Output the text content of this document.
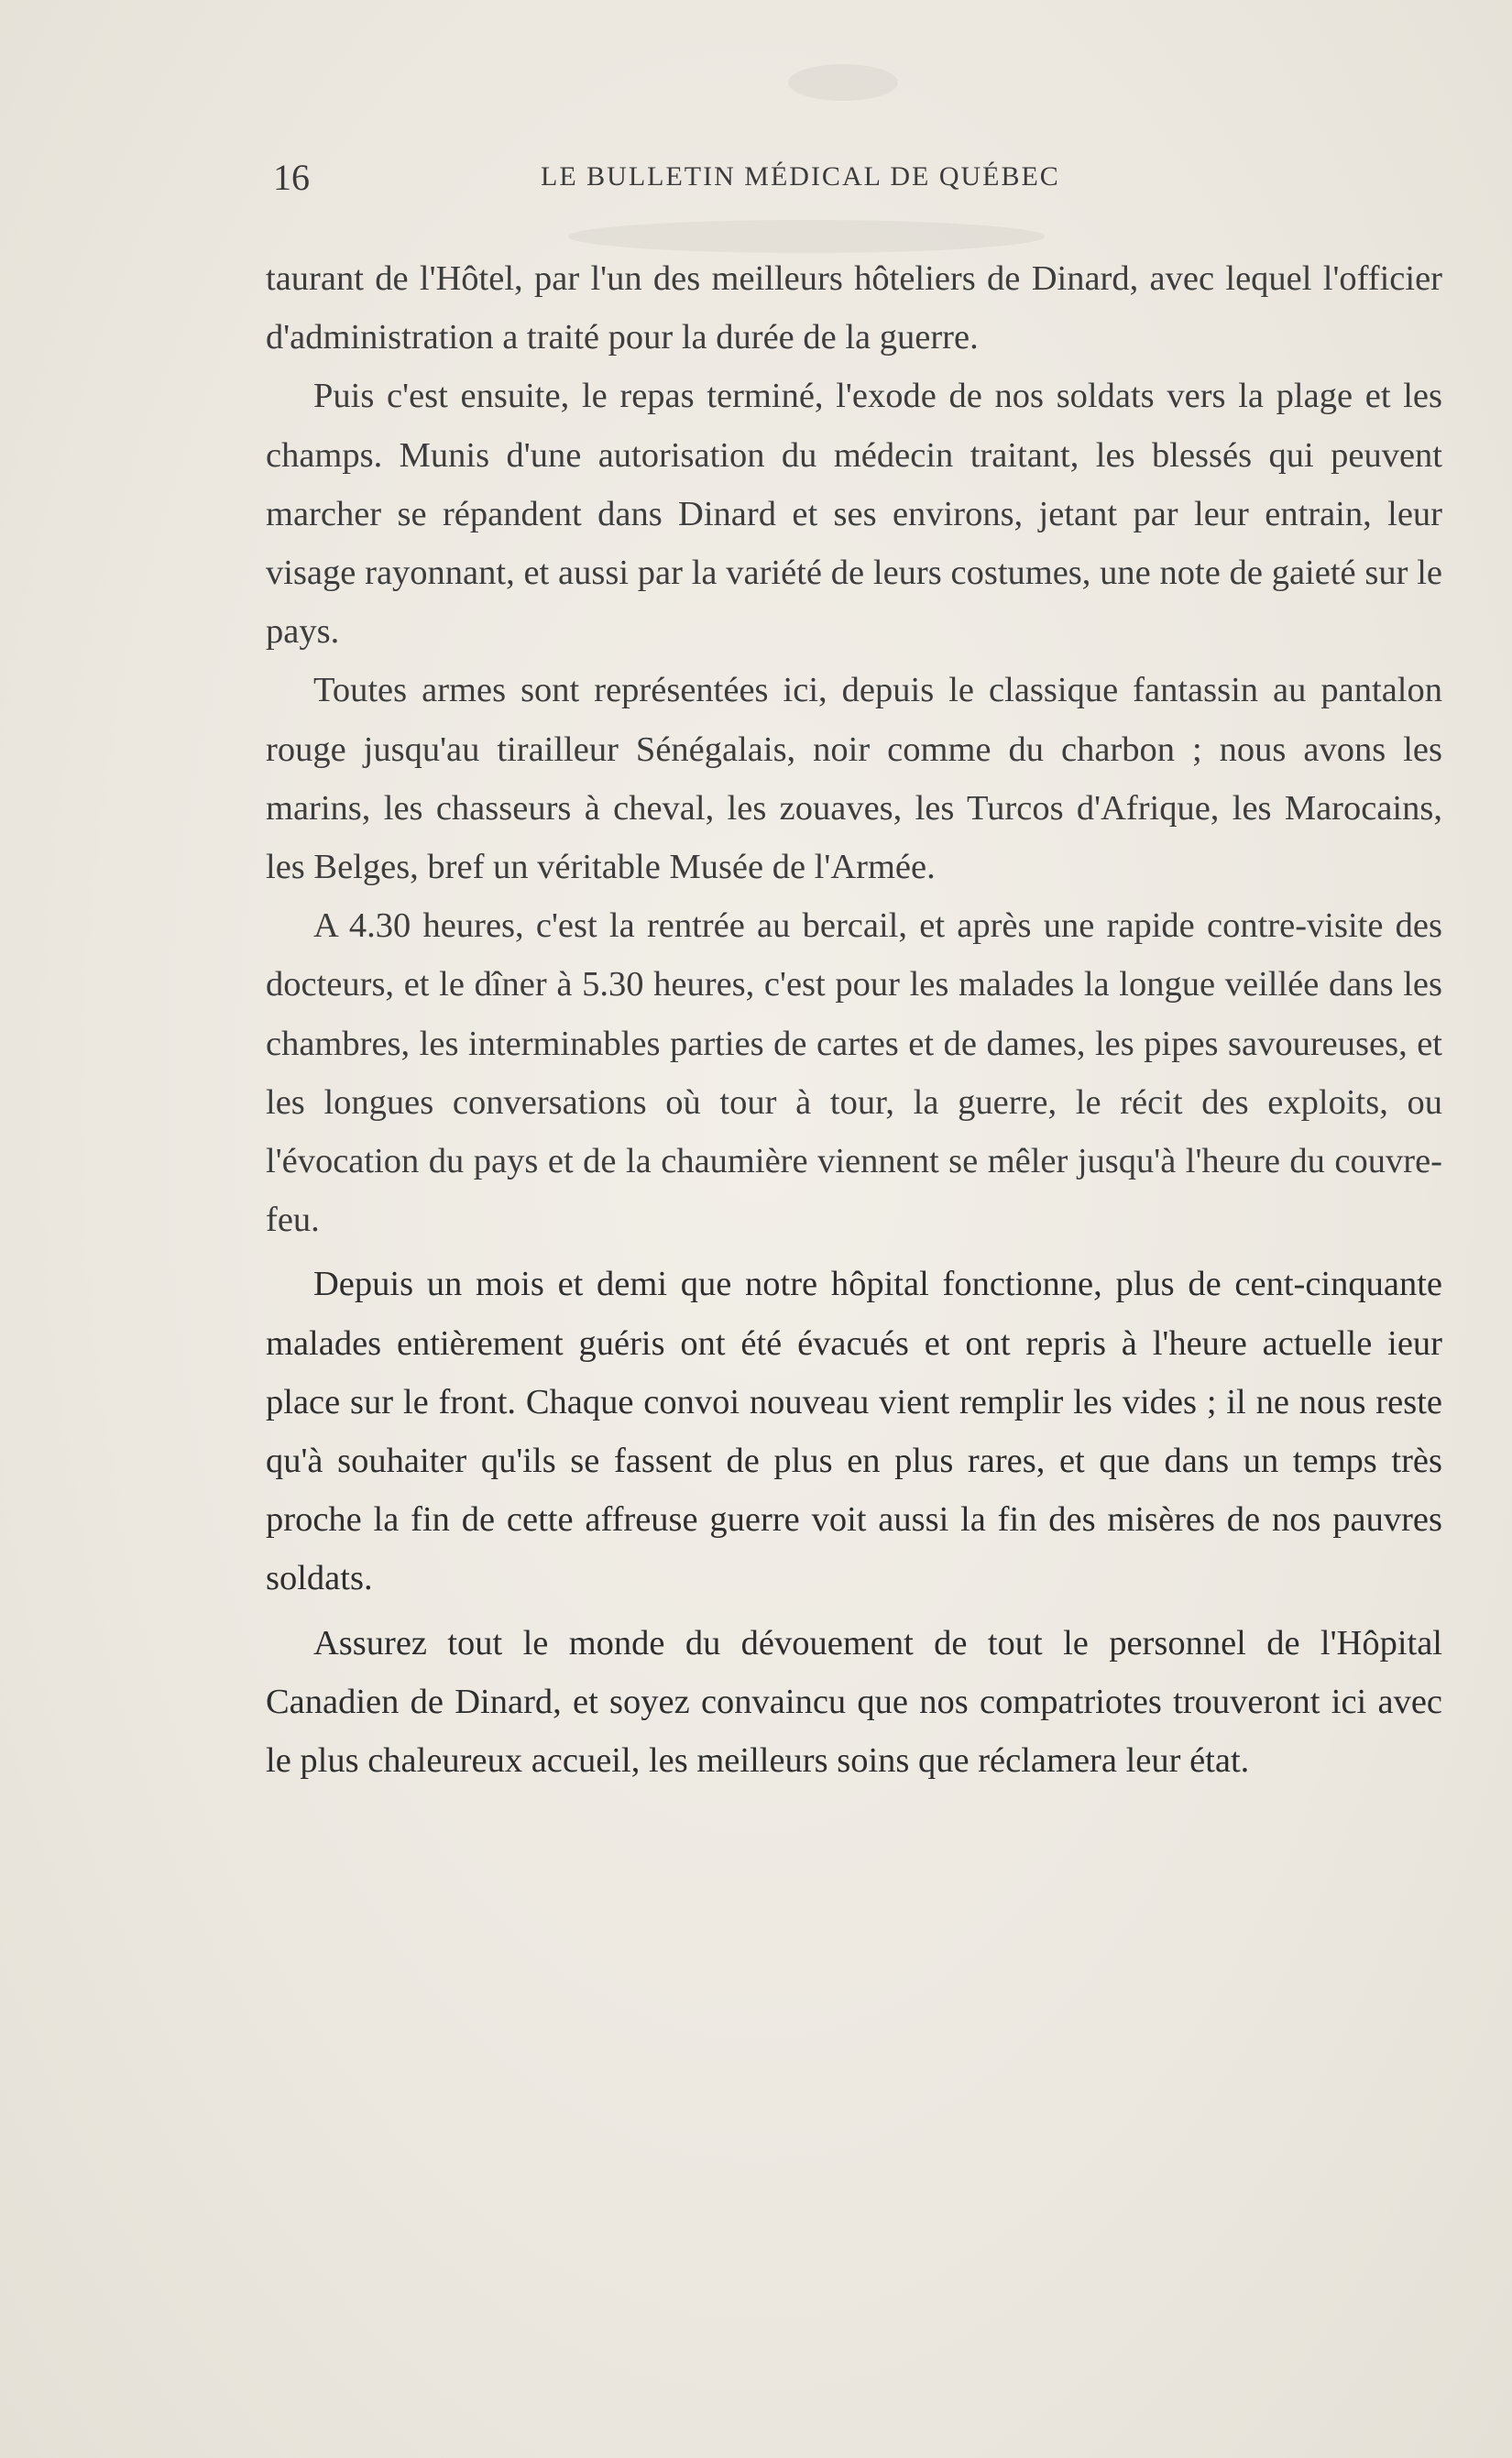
16	LE BULLETIN MÉDICAL DE QUÉBEC

taurant de l'Hôtel, par l'un des meilleurs hôteliers de Dinard, avec lequel l'officier d'administration a traité pour la durée de la guerre.

Puis c'est ensuite, le repas terminé, l'exode de nos soldats vers la plage et les champs. Munis d'une autorisation du médecin traitant, les blessés qui peuvent marcher se répandent dans Dinard et ses environs, jetant par leur entrain, leur visage rayonnant, et aussi par la variété de leurs costumes, une note de gaieté sur le pays.

Toutes armes sont représentées ici, depuis le classique fantassin au pantalon rouge jusqu'au tirailleur Sénégalais, noir comme du charbon ; nous avons les marins, les chasseurs à cheval, les zouaves, les Turcos d'Afrique, les Marocains, les Belges, bref un véritable Musée de l'Armée.

A 4.30 heures, c'est la rentrée au bercail, et après une rapide contre-visite des docteurs, et le dîner à 5.30 heures, c'est pour les malades la longue veillée dans les chambres, les interminables parties de cartes et de dames, les pipes savoureuses, et les longues conversations où tour à tour, la guerre, le récit des exploits, ou l'évocation du pays et de la chaumière viennent se mêler jusqu'à l'heure du couvre-feu.

Depuis un mois et demi que notre hôpital fonctionne, plus de cent-cinquante malades entièrement guéris ont été évacués et ont repris à l'heure actuelle ieur place sur le front. Chaque convoi nouveau vient remplir les vides ; il ne nous reste qu'à souhaiter qu'ils se fassent de plus en plus rares, et que dans un temps très proche la fin de cette affreuse guerre voit aussi la fin des misères de nos pauvres soldats.

Assurez tout le monde du dévouement de tout le personnel de l'Hôpital Canadien de Dinard, et soyez convaincu que nos compatriotes trouveront ici avec le plus chaleureux accueil, les meilleurs soins que réclamera leur état.
